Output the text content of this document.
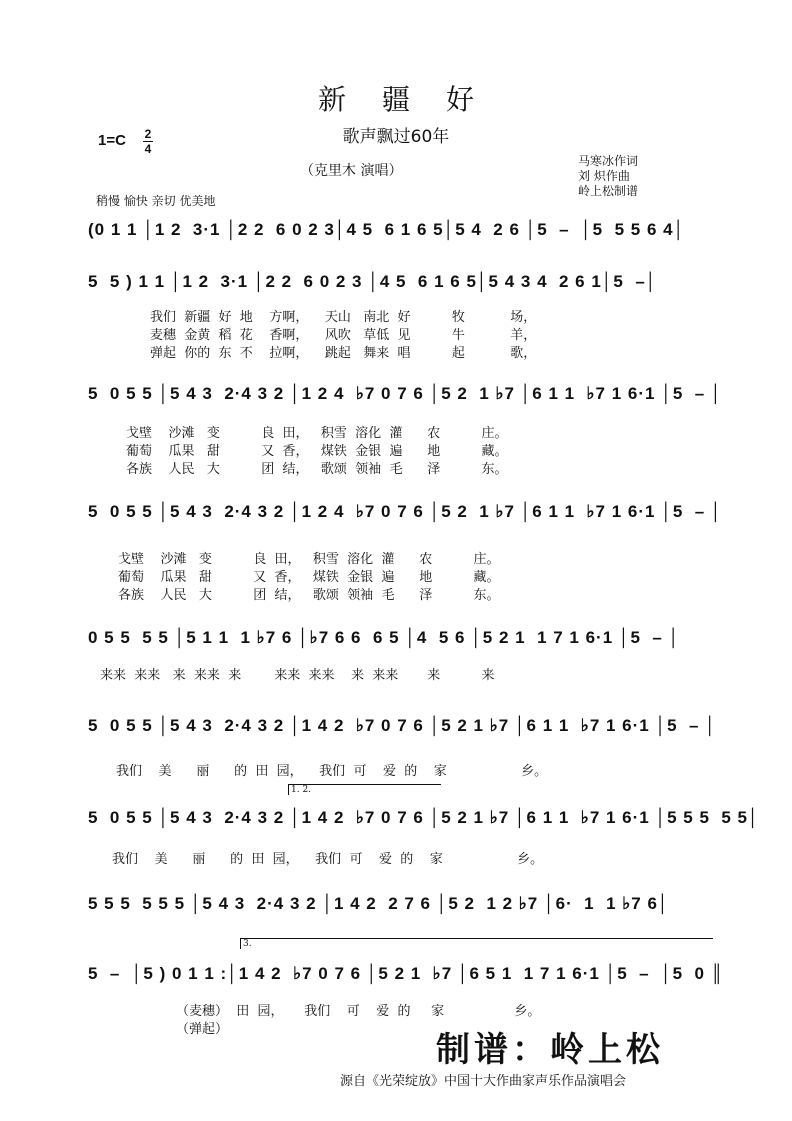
新疆好
歌声飘过60年
1=C 2
4
（克里木 演唱）
马寒冰作词
刘 炽作曲
岭上松制谱
稍慢 愉快 亲切 优美地
(0 1 1 │1 2  3·1 │2 2  6 0 2 3│4 5  6 1 6 5│5 4  2 6 │5  –  │5  5 5 6 4│
5  5 ) 1 1 │1 2  3·1 │2 2  6 0 2 3 │4 5  6 1 6 5│5 4 3 4  2 6 1│5  –│
我们  新疆  好  地    方啊，    天山   南北  好          牧           场，
麦穗  金黄  稻  花    香啊，    风吹   草低  见          牛           羊，
弹起  你的  东  不    拉啊，    跳起   舞来  唱          起           歌，
5  0 5 5 │5 4 3  2·4 3 2 │1 2 4  ♭7 0 7 6 │5 2  1 ♭7 │6 1 1  ♭7 1 6·1 │5  – │
戈壁    沙滩   变          良  田，   积雪  溶化  灌      农          庄。
葡萄    瓜果   甜          又  香，   煤铁  金银  遍      地          藏。
各族    人民   大          团  结，   歌颂  领袖  毛      泽          东。
5  0 5 5 │5 4 3  2·4 3 2 │1 2 4  ♭7 0 7 6 │5 2  1 ♭7 │6 1 1  ♭7 1 6·1 │5  – │
戈壁    沙滩   变          良  田，   积雪  溶化  灌      农          庄。
葡萄    瓜果   甜          又  香，   煤铁  金银  遍      地          藏。
各族    人民   大          团  结，   歌颂  领袖  毛      泽          东。
0 5 5  5 5 │5 1 1  1 ♭7 6 │♭7 6 6  6 5 │4  5 6 │5 2 1  1 7 1 6·1 │5  – │
来来  来来   来  来来  来        来来  来来    来  来来       来          来
5  0 5 5 │5 4 3  2·4 3 2 │1 4 2  ♭7 0 7 6 │5 2 1 ♭7 │6 1 1  ♭7 1 6·1 │5  – │
我们    美      丽      的  田  园，    我们  可    爱  的    家                  乡。
1. 2.
5  0 5 5 │5 4 3  2·4 3 2 │1 4 2  ♭7 0 7 6 │5 2 1 ♭7 │6 1 1  ♭7 1 6·1 │5 5 5  5 5│
我们    美      丽      的  田  园，    我们  可    爱  的    家                  乡。
5 5 5  5 5 5 │5 4 3  2·4 3 2 │1 4 2  2 7 6 │5 2  1 2 ♭7 │6·  1  1 ♭7 6│
3.
5  –  │5 ) 0 1 1 :│1 4 2  ♭7 0 7 6 │5 2 1  ♭7 │6 5 1  1 7 1 6·1 │5  –  │5  0 ║
（麦穗）  田  园，     我们    可    爱  的     家                 乡。
（弹起）
制谱：岭上松
源自《光荣绽放》中国十大作曲家声乐作品演唱会
